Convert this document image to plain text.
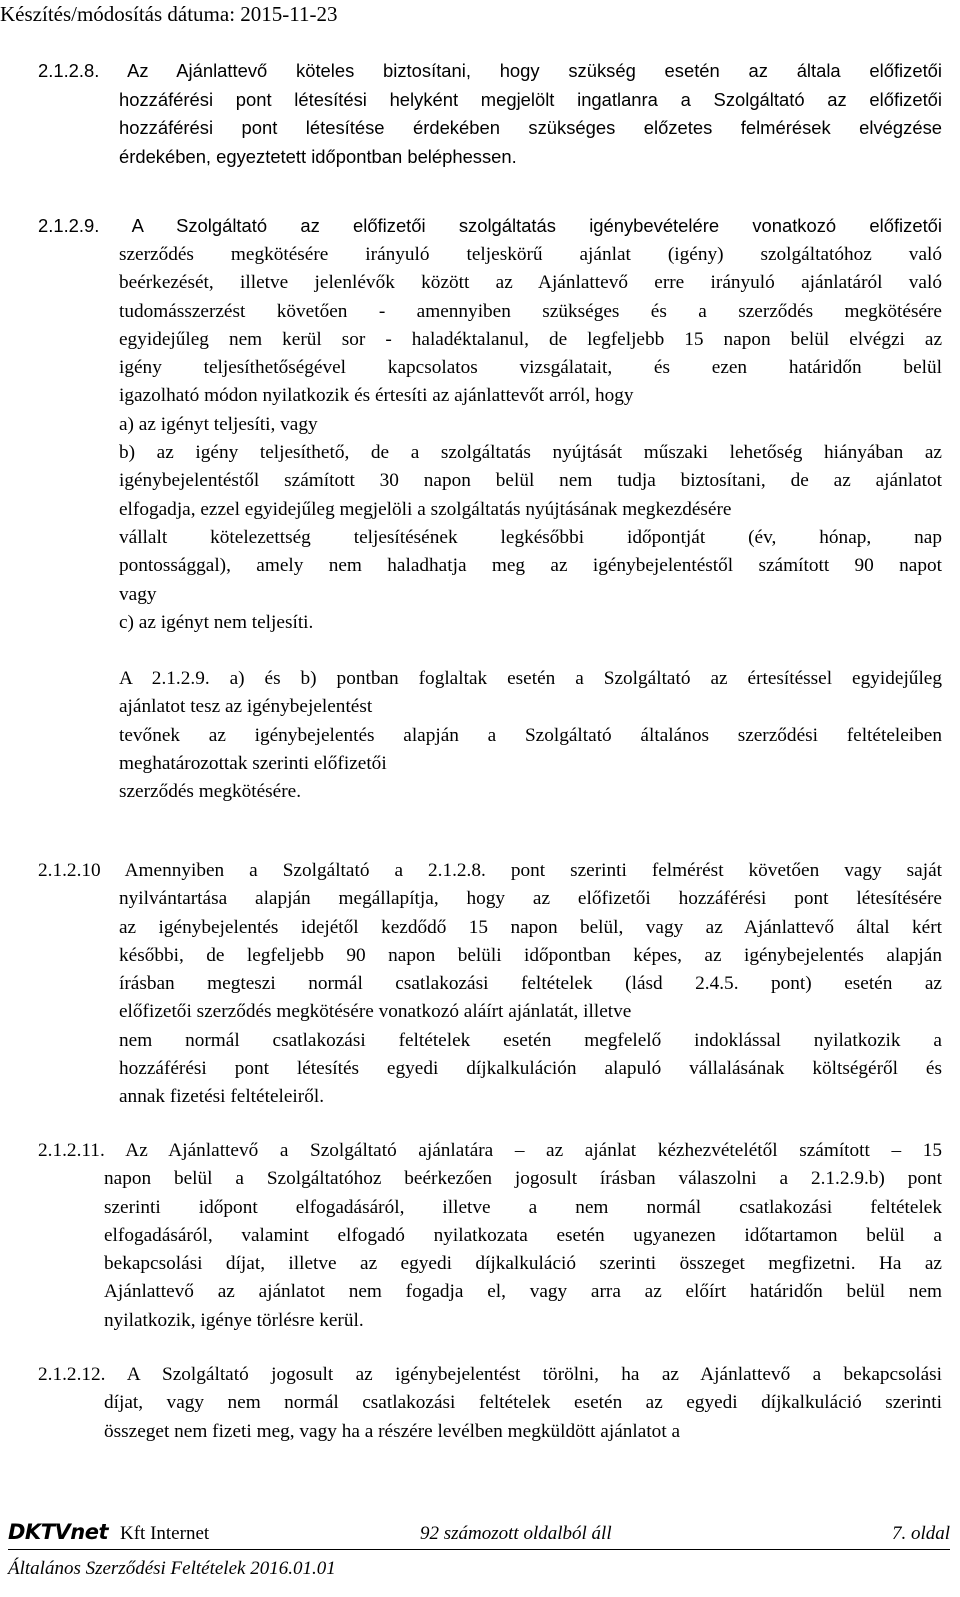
Készítés/módosítás dátuma: 2015-11-23
2.1.2.8. Az Ajánlattevő köteles biztosítani, hogy szükség esetén az általa előfizetői
hozzáférési pont létesítési helyként megjelölt ingatlanra a Szolgáltató az előfizetői
hozzáférési pont létesítése érdekében szükséges előzetes felmérések elvégzése
érdekében, egyeztetett időpontban beléphessen.
2.1.2.9. A Szolgáltató az előfizetői szolgáltatás igénybevételére vonatkozó előfizetői
szerződés megkötésére irányuló teljeskörű ajánlat (igény) szolgáltatóhoz való
beérkezését, illetve jelenlévők között az Ajánlattevő erre irányuló ajánlatáról való
tudomásszerzést követően - amennyiben szükséges és a szerződés megkötésére
egyidejűleg nem kerül sor - haladéktalanul, de legfeljebb 15 napon belül elvégzi az
igény teljesíthetőségével kapcsolatos vizsgálatait, és ezen határidőn belül
igazolható módon nyilatkozik és értesíti az ajánlattevőt arról, hogy
a) az igényt teljesíti, vagy
b) az igény teljesíthető, de a szolgáltatás nyújtását műszaki lehetőség hiányában az
igénybejelentéstől számított 30 napon belül nem tudja biztosítani, de az ajánlatot
elfogadja, ezzel egyidejűleg megjelöli a szolgáltatás nyújtásának megkezdésére
vállalt kötelezettség teljesítésének legkésőbbi időpontját (év, hónap, nap
pontossággal), amely nem haladhatja meg az igénybejelentéstől számított 90 napot
vagy
c) az igényt nem teljesíti.
A 2.1.2.9. a) és b) pontban foglaltak esetén a Szolgáltató az értesítéssel egyidejűleg
ajánlatot tesz az igénybejelentést
tevőnek az igénybejelentés alapján a Szolgáltató általános szerződési feltételeiben
meghatározottak szerinti előfizetői
szerződés megkötésére.
2.1.2.10 Amennyiben a Szolgáltató a 2.1.2.8. pont szerinti felmérést követően vagy saját
nyilvántartása alapján megállapítja, hogy az előfizetői hozzáférési pont létesítésére
az igénybejelentés idejétől kezdődő 15 napon belül, vagy az Ajánlattevő által kért
későbbi, de legfeljebb 90 napon belüli időpontban képes, az igénybejelentés alapján
írásban megteszi normál csatlakozási feltételek (lásd 2.4.5. pont) esetén az
előfizetői szerződés megkötésére vonatkozó aláírt ajánlatát, illetve
nem normál csatlakozási feltételek esetén megfelelő indoklással nyilatkozik a
hozzáférési pont létesítés egyedi díjkalkuláción alapuló vállalásának költségéről és
annak fizetési feltételeiről.
2.1.2.11. Az Ajánlattevő a Szolgáltató ajánlatára – az ajánlat kézhezvételétől számított – 15
napon belül a Szolgáltatóhoz beérkezően jogosult írásban válaszolni a 2.1.2.9.b) pont
szerinti időpont elfogadásáról, illetve a nem normál csatlakozási feltételek
elfogadásáról, valamint elfogadó nyilatkozata esetén ugyanezen időtartamon belül a
bekapcsolási díjat, illetve az egyedi díjkalkuláció szerinti összeget megfizetni. Ha az
Ajánlattevő az ajánlatot nem fogadja el, vagy arra az előírt határidőn belül nem
nyilatkozik, igénye törlésre kerül.
2.1.2.12. A Szolgáltató jogosult az igénybejelentést törölni, ha az Ajánlattevő a bekapcsolási
díjat, vagy nem normál csatlakozási feltételek esetén az egyedi díjkalkuláció szerinti
összeget nem fizeti meg, vagy ha a részére levélben megküldött ajánlatot a
DKTVnet Kft Internet	92 számozott oldalból áll	7. oldal
Általános Szerződési Feltételek 2016.01.01
